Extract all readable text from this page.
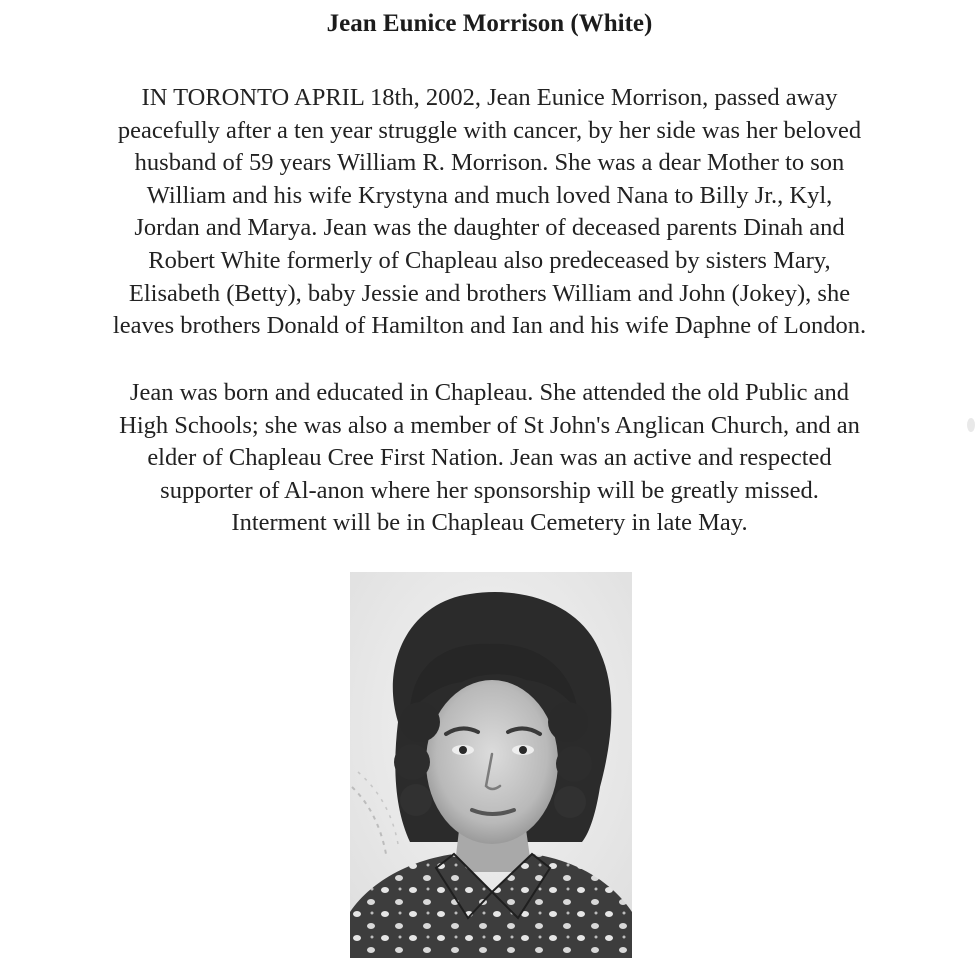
Jean Eunice Morrison (White)
IN TORONTO APRIL 18th, 2002, Jean Eunice Morrison, passed away
peacefully after a ten year struggle with cancer, by her side was her beloved
husband of 59 years William R. Morrison. She was a dear Mother to son
William and his wife Krystyna and much loved Nana to Billy Jr., Kyl,
Jordan and Marya. Jean was the daughter of deceased parents Dinah and
Robert White formerly of Chapleau also predeceased by sisters Mary,
Elisabeth (Betty), baby Jessie and brothers William and John (Jokey), she
leaves brothers Donald of Hamilton and Ian and his wife Daphne of London.
Jean was born and educated in Chapleau. She attended the old Public and
High Schools; she was also a member of St John's Anglican Church, and an
elder of Chapleau Cree First Nation. Jean was an active and respected
supporter of Al-anon where her sponsorship will be greatly missed.
Interment will be in Chapleau Cemetery in late May.
